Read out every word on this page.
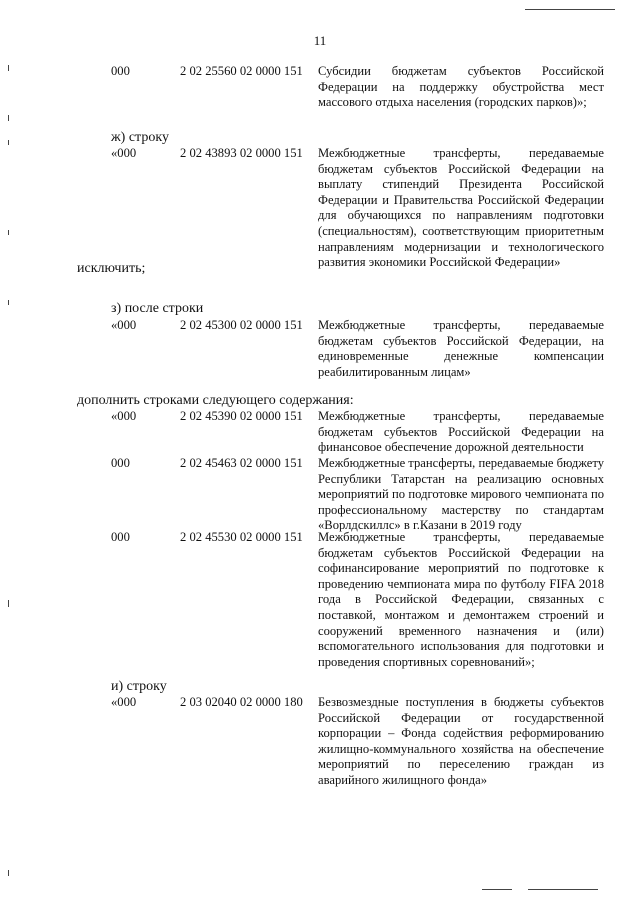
11
000	2 02 25560 02 0000 151 Субсидии бюджетам субъектов Российской Федерации на поддержку обустройства мест массового отдыха населения (городских парков)»;
ж) строку
«000	2 02 43893 02 0000 151 Межбюджетные трансферты, передаваемые бюджетам субъектов Российской Федерации на выплату стипендий Президента Российской Федерации и Правительства Российской Федерации для обучающихся по направлениям подготовки (специальностям), соответствующим приоритетным направлениям модернизации и технологического развития экономики Российской Федерации»
исключить;
з) после строки
«000	2 02 45300 02 0000 151 Межбюджетные трансферты, передаваемые бюджетам субъектов Российской Федерации, на единовременные денежные компенсации реабилитированным лицам»
дополнить строками следующего содержания:
«000	2 02 45390 02 0000 151 Межбюджетные трансферты, передаваемые бюджетам субъектов Российской Федерации на финансовое обеспечение дорожной деятельности
000	2 02 45463 02 0000 151 Межбюджетные трансферты, передаваемые бюджету Республики Татарстан на реализацию основных мероприятий по подготовке мирового чемпионата по профессиональному мастерству по стандартам «Ворлдскиллс» в г.Казани в 2019 году
000	2 02 45530 02 0000 151 Межбюджетные трансферты, передаваемые бюджетам субъектов Российской Федерации на софинансирование мероприятий по подготовке к проведению чемпионата мира по футболу FIFA 2018 года в Российской Федерации, связанных с поставкой, монтажом и демонтажем строений и сооружений временного назначения и (или) вспомогательного использования для подготовки и проведения спортивных соревнований»;
и) строку
«000	2 03 02040 02 0000 180 Безвозмездные поступления в бюджеты субъектов Российской Федерации от государственной корпорации – Фонда содействия реформированию жилищно-коммунального хозяйства на обеспечение мероприятий по переселению граждан из аварийного жилищного фонда»
